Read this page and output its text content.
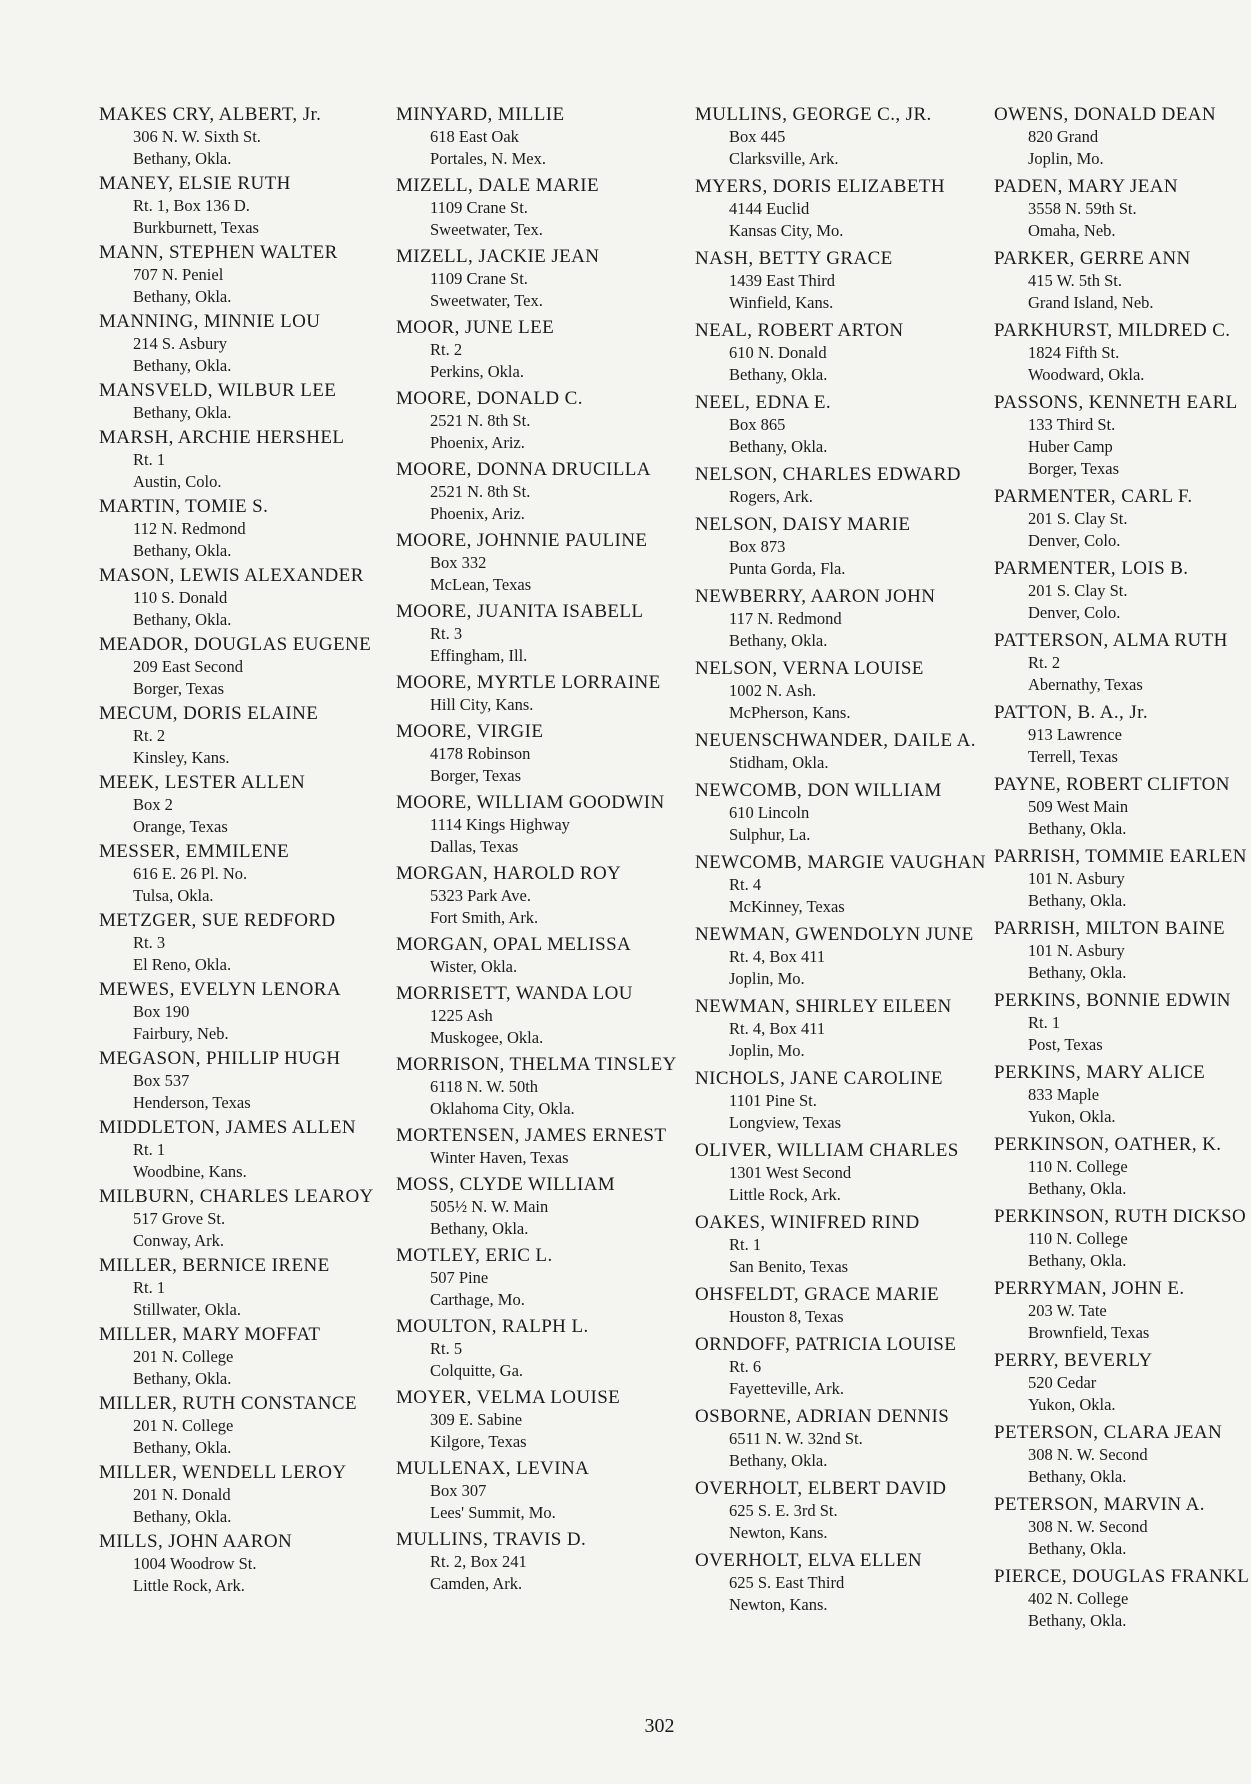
MAKES CRY, ALBERT, Jr.
306 N. W. Sixth St.
Bethany, Okla.
MANEY, ELSIE RUTH
Rt. 1, Box 136 D.
Burkburnett, Texas
MANN, STEPHEN WALTER
707 N. Peniel
Bethany, Okla.
MANNING, MINNIE LOU
214 S. Asbury
Bethany, Okla.
MANSVELD, WILBUR LEE
Bethany, Okla.
MARSH, ARCHIE HERSHEL
Rt. 1
Austin, Colo.
MARTIN, TOMIE S.
112 N. Redmond
Bethany, Okla.
MASON, LEWIS ALEXANDER
110 S. Donald
Bethany, Okla.
MEADOR, DOUGLAS EUGENE
209 East Second
Borger, Texas
MECUM, DORIS ELAINE
Rt. 2
Kinsley, Kans.
MEEK, LESTER ALLEN
Box 2
Orange, Texas
MESSER, EMMILENE
616 E. 26 Pl. No.
Tulsa, Okla.
METZGER, SUE REDFORD
Rt. 3
El Reno, Okla.
MEWES, EVELYN LENORA
Box 190
Fairbury, Neb.
MEGASON, PHILLIP HUGH
Box 537
Henderson, Texas
MIDDLETON, JAMES ALLEN
Rt. 1
Woodbine, Kans.
MILBURN, CHARLES LEAROY
517 Grove St.
Conway, Ark.
MILLER, BERNICE IRENE
Rt. 1
Stillwater, Okla.
MILLER, MARY MOFFAT
201 N. College
Bethany, Okla.
MILLER, RUTH CONSTANCE
201 N. College
Bethany, Okla.
MILLER, WENDELL LEROY
201 N. Donald
Bethany, Okla.
MILLS, JOHN AARON
1004 Woodrow St.
Little Rock, Ark.
MINYARD, MILLIE
618 East Oak
Portales, N. Mex.
MIZELL, DALE MARIE
1109 Crane St.
Sweetwater, Tex.
MIZELL, JACKIE JEAN
1109 Crane St.
Sweetwater, Tex.
MOOR, JUNE LEE
Rt. 2
Perkins, Okla.
MOORE, DONALD C.
2521 N. 8th St.
Phoenix, Ariz.
MOORE, DONNA DRUCILLA
2521 N. 8th St.
Phoenix, Ariz.
MOORE, JOHNNIE PAULINE
Box 332
McLean, Texas
MOORE, JUANITA ISABELL
Rt. 3
Effingham, Ill.
MOORE, MYRTLE LORRAINE
Hill City, Kans.
MOORE, VIRGIE
4178 Robinson
Borger, Texas
MOORE, WILLIAM GOODWIN
1114 Kings Highway
Dallas, Texas
MORGAN, HAROLD ROY
5323 Park Ave.
Fort Smith, Ark.
MORGAN, OPAL MELISSA
Wister, Okla.
MORRISETT, WANDA LOU
1225 Ash
Muskogee, Okla.
MORRISON, THELMA TINSLEY
6118 N. W. 50th
Oklahoma City, Okla.
MORTENSEN, JAMES ERNEST
Winter Haven, Texas
MOSS, CLYDE WILLIAM
505½ N. W. Main
Bethany, Okla.
MOTLEY, ERIC L.
507 Pine
Carthage, Mo.
MOULTON, RALPH L.
Rt. 5
Colquitte, Ga.
MOYER, VELMA LOUISE
309 E. Sabine
Kilgore, Texas
MULLENAX, LEVINA
Box 307
Lees' Summit, Mo.
MULLINS, TRAVIS D.
Rt. 2, Box 241
Camden, Ark.
MULLINS, GEORGE C., JR.
Box 445
Clarksville, Ark.
MYERS, DORIS ELIZABETH
4144 Euclid
Kansas City, Mo.
NASH, BETTY GRACE
1439 East Third
Winfield, Kans.
NEAL, ROBERT ARTON
610 N. Donald
Bethany, Okla.
NEEL, EDNA E.
Box 865
Bethany, Okla.
NELSON, CHARLES EDWARD
Rogers, Ark.
NELSON, DAISY MARIE
Box 873
Punta Gorda, Fla.
NEWBERRY, AARON JOHN
117 N. Redmond
Bethany, Okla.
NELSON, VERNA LOUISE
1002 N. Ash.
McPherson, Kans.
NEUENSCHWANDER, DAILE A.
Stidham, Okla.
NEWCOMB, DON WILLIAM
610 Lincoln
Sulphur, La.
NEWCOMB, MARGIE VAUGHAN
Rt. 4
McKinney, Texas
NEWMAN, GWENDOLYN JUNE
Rt. 4, Box 411
Joplin, Mo.
NEWMAN, SHIRLEY EILEEN
Rt. 4, Box 411
Joplin, Mo.
NICHOLS, JANE CAROLINE
1101 Pine St.
Longview, Texas
OLIVER, WILLIAM CHARLES
1301 West Second
Little Rock, Ark.
OAKES, WINIFRED RIND
Rt. 1
San Benito, Texas
OHSFELDT, GRACE MARIE
Houston 8, Texas
ORNDOFF, PATRICIA LOUISE
Rt. 6
Fayetteville, Ark.
OSBORNE, ADRIAN DENNIS
6511 N. W. 32nd St.
Bethany, Okla.
OVERHOLT, ELBERT DAVID
625 S. E. 3rd St.
Newton, Kans.
OVERHOLT, ELVA ELLEN
625 S. East Third
Newton, Kans.
OWENS, DONALD DEAN
820 Grand
Joplin, Mo.
PADEN, MARY JEAN
3558 N. 59th St.
Omaha, Neb.
PARKER, GERRE ANN
415 W. 5th St.
Grand Island, Neb.
PARKHURST, MILDRED C.
1824 Fifth St.
Woodward, Okla.
PASSONS, KENNETH EARL
133 Third St.
Huber Camp
Borger, Texas
PARMENTER, CARL F.
201 S. Clay St.
Denver, Colo.
PARMENTER, LOIS B.
201 S. Clay St.
Denver, Colo.
PATTERSON, ALMA RUTH
Rt. 2
Abernathy, Texas
PATTON, B. A., Jr.
913 Lawrence
Terrell, Texas
PAYNE, ROBERT CLIFTON
509 West Main
Bethany, Okla.
PARRISH, TOMMIE EARLEN
101 N. Asbury
Bethany, Okla.
PARRISH, MILTON BAINE
101 N. Asbury
Bethany, Okla.
PERKINS, BONNIE EDWIN
Rt. 1
Post, Texas
PERKINS, MARY ALICE
833 Maple
Yukon, Okla.
PERKINSON, OATHER, K.
110 N. College
Bethany, Okla.
PERKINSON, RUTH DICKSO
110 N. College
Bethany, Okla.
PERRYMAN, JOHN E.
203 W. Tate
Brownfield, Texas
PERRY, BEVERLY
520 Cedar
Yukon, Okla.
PETERSON, CLARA JEAN
308 N. W. Second
Bethany, Okla.
PETERSON, MARVIN A.
308 N. W. Second
Bethany, Okla.
PIERCE, DOUGLAS FRANKL
402 N. College
Bethany, Okla.
302
